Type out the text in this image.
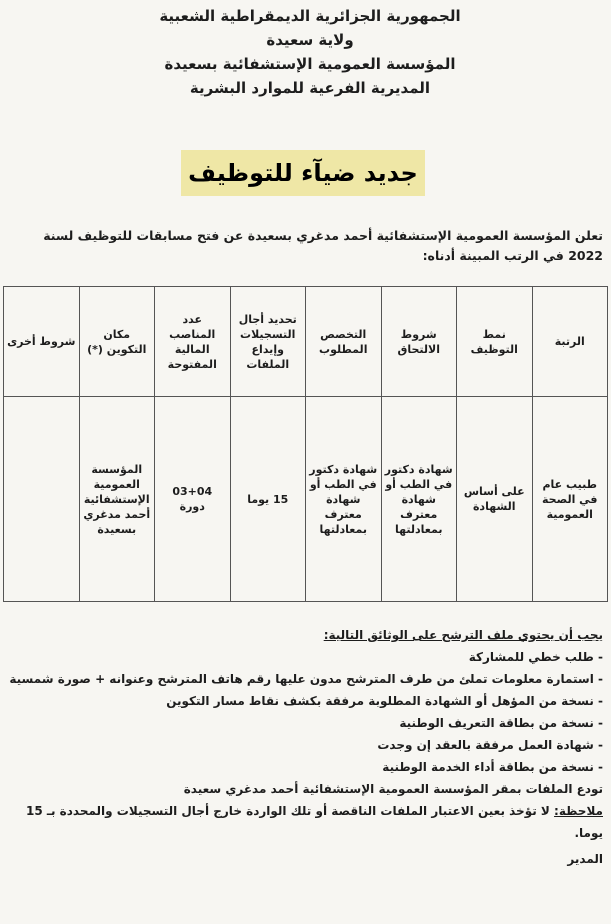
الجمهورية الجزائرية الديمقراطية الشعبية
ولاية سعيدة
المؤسسة العمومية الإستشفائية بسعيدة
المديرية الفرعية للموارد البشرية
جديد ضيآء للتوظيف
تعلن المؤسسة العمومية الإستشفائية أحمد مدغري بسعيدة عن فتح مسابقات للتوظيف لسنة 2022 في الرتب المبينة أدناه:
الرتبة	نمط التوظيف	شروط الالتحاق	التخصص المطلوب	تحديد أجال التسجيلات وإيداع الملفات	عدد المناصب المالية المفتوحة	مكان التكوين (*)	شروط أخرى
طبيب عام في الصحة العمومية	على أساس الشهادة	شهادة دكتور في الطب أو شهادة معترف بمعادلتها	شهادة دكتور في الطب أو شهادة معترف بمعادلتها	15 يوما	03+04 دورة	المؤسسة العمومية الإستشفائية أحمد مدغري بسعيدة	
يجب أن يحتوي ملف الترشح على الوثائق التالية:
- طلب خطي للمشاركة
- استمارة معلومات تملئ من طرف المترشح مدون عليها رقم هاتف المترشح وعنوانه + صورة شمسية
- نسخة من المؤهل أو الشهادة المطلوبة مرفقة بكشف نقاط مسار التكوين
- نسخة من بطاقة التعريف الوطنية
- شهادة العمل مرفقة بالعقد إن وجدت
- نسخة من بطاقة أداء الخدمة الوطنية
تودع الملفات بمقر المؤسسة العمومية الإستشفائية أحمد مدغري سعيدة
ملاحظة: لا تؤخذ بعين الاعتبار الملفات الناقصة أو تلك الواردة خارج أجال التسجيلات والمحددة بـ 15 يوما.
المدير
